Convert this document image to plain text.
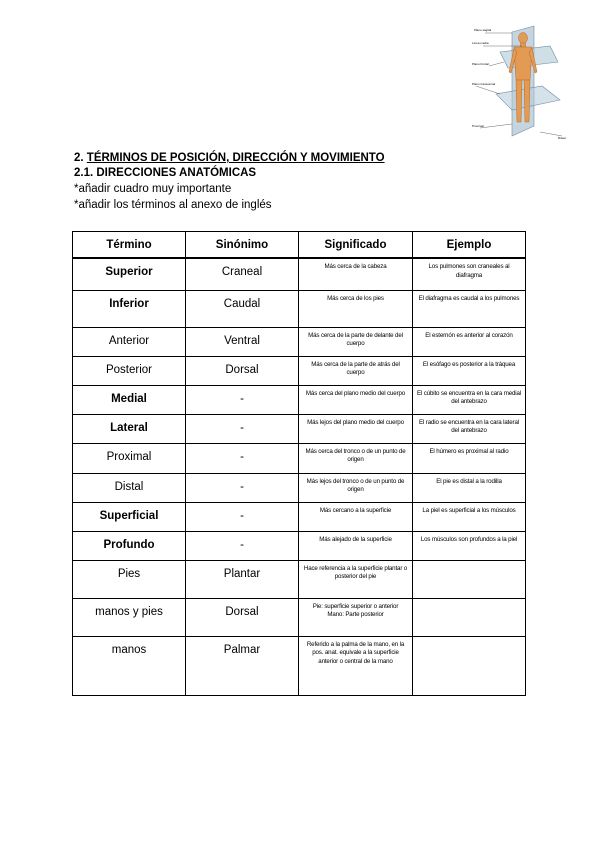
Plano sagital
Línea media
Plano frontal
Plano transversal
Proximal
Distal
2. TÉRMINOS DE POSICIÓN, DIRECCIÓN Y MOVIMIENTO
2.1. DIRECCIONES ANATÓMICAS
*añadir cuadro muy importante
*añadir los términos al anexo de inglés
Término	Sinónimo	Significado	Ejemplo
Superior	Craneal	Más cerca de la cabeza	Los pulmones son craneales al diafragma
Inferior	Caudal	Más cerca de los pies	El diafragma es caudal a los pulmones
Anterior	Ventral	Más cerca de la parte de delante del cuerpo	El esternón es anterior al corazón
Posterior	Dorsal	Más cerca de la parte de atrás del cuerpo	El esófago es posterior a la tráquea
Medial	-	Más cerca del plano medio del cuerpo	El cúbito se encuentra en la cara medial del antebrazo
Lateral	-	Más lejos del plano medio del cuerpo	El radio se encuentra en la cara lateral del antebrazo
Proximal	-	Más cerca del tronco o de un punto de origen	El húmero es proximal al radio
Distal	-	Más lejos del tronco o de un punto de origen	El pie es distal a la rodilla
Superficial	-	Más cercano a la superficie	La piel es superficial a los músculos
Profundo	-	Más alejado de la superficie	Los músculos son profundos a la piel
Pies	Plantar	Hace referencia a la superficie plantar o posterior del pie	
manos y pies	Dorsal	Pie: superficie superior o anterior
Mano: Parte posterior	
manos	Palmar	Referido a la palma de la mano, en la pos. anat. equivale a la superficie anterior o central de la mano	
